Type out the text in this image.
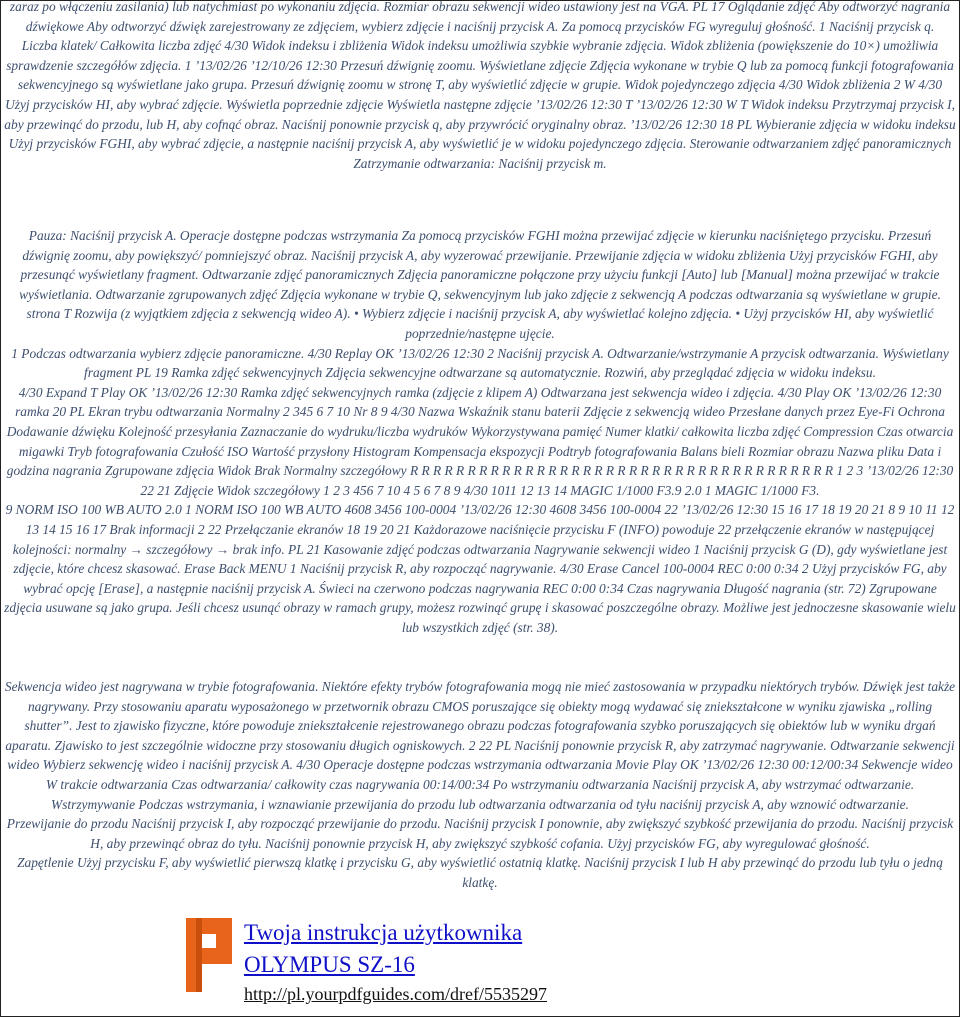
zaraz po włączeniu zasilania) lub natychmiast po wykonaniu zdjęcia. Rozmiar obrazu sekwencji wideo ustawiony jest na VGA. PL 17 Oglądanie zdjęć Aby odtworzyć nagrania dźwiękowe Aby odtworzyć dźwięk zarejestrowany ze zdjęciem, wybierz zdjęcie i naciśnij przycisk A. Za pomocą przycisków FG wyreguluj głośność. 1 Naciśnij przycisk q.

Liczba klatek/ Całkowita liczba zdjęć 4/30 Widok indeksu i zbliżenia Widok indeksu umożliwia szybkie wybranie zdjęcia. Widok zbliżenia (powiększenie do 10×) umożliwia sprawdzenie szczegółów zdjęcia. 1 ’13/02/26 ’12/10/26 12:30 Przesuń dźwignię zoomu. Wyświetlane zdjęcie Zdjęcia wykonane w trybie Q lub za pomocą funkcji fotografowania sekwencyjnego są wyświetlane jako grupa. Przesuń dźwignię zoomu w stronę T, aby wyświetlić zdjęcie w grupie. Widok pojedynczego zdjęcia 4/30 Widok zbliżenia 2 W 4/30 Użyj przycisków HI, aby wybrać zdjęcie. Wyświetla poprzednie zdjęcie Wyświetla następne zdjęcie ’13/02/26 12:30 T ’13/02/26 12:30 W T Widok indeksu Przytrzymaj przycisk I, aby przewinąć do przodu, lub H, aby cofnąć obraz. Naciśnij ponownie przycisk q, aby przywrócić oryginalny obraz. ’13/02/26 12:30 18 PL Wybieranie zdjęcia w widoku indeksu Użyj przycisków FGHI, aby wybrać zdjęcie, a następnie naciśnij przycisk A, aby wyświetlić je w widoku pojedynczego zdjęcia. Sterowanie odtwarzaniem zdjęć panoramicznych Zatrzymanie odtwarzania: Naciśnij przycisk m.

Pauza: Naciśnij przycisk A. Operacje dostępne podczas wstrzymania Za pomocą przycisków FGHI można przewijać zdjęcie w kierunku naciśniętego przycisku. Przesuń dźwignię zoomu, aby powiększyć/ pomniejszyć obraz. Naciśnij przycisk A, aby wyzerować przewijanie. Przewijanie zdjęcia w widoku zbliżenia Użyj przycisków FGHI, aby przesunąć wyświetlany fragment. Odtwarzanie zdjęć panoramicznych Zdjęcia panoramiczne połączone przy użyciu funkcji [Auto] lub [Manual] można przewijać w trakcie wyświetlania. Odtwarzanie zgrupowanych zdjęć Zdjęcia wykonane w trybie Q, sekwencyjnym lub jako zdjęcie z sekwencją A podczas odtwarzania są wyświetlane w grupie. strona T Rozwija (z wyjątkiem zdjęcia z sekwencją wideo A). • Wybierz zdjęcie i naciśnij przycisk A, aby wyświetlać kolejno zdjęcia. • Użyj przycisków HI, aby wyświetlić poprzednie/następne ujęcie.

1 Podczas odtwarzania wybierz zdjęcie panoramiczne. 4/30 Replay OK ’13/02/26 12:30 2 Naciśnij przycisk A. Odtwarzanie/wstrzymanie A przycisk odtwarzania. Wyświetlany fragment PL 19 Ramka zdjęć sekwencyjnych Zdjęcia sekwencyjne odtwarzane są automatycznie. Rozwiń, aby przeglądać zdjęcia w widoku indeksu.

4/30 Expand T Play OK ’13/02/26 12:30 Ramka zdjęć sekwencyjnych ramka (zdjęcie z klipem A) Odtwarzana jest sekwencja wideo i zdjęcia. 4/30 Play OK ’13/02/26 12:30 ramka 20 PL Ekran trybu odtwarzania Normalny 2 345 6 7 10 Nr 8 9 4/30 Nazwa Wskaźnik stanu baterii Zdjęcie z sekwencją wideo Przesłane danych przez Eye-Fi Ochrona Dodawanie dźwięku Kolejność przesyłania Zaznaczanie do wydruku/liczba wydruków Wykorzystywana pamięć Numer klatki/ całkowita liczba zdjęć Compression Czas otwarcia migawki Tryb fotografowania Czułość ISO Wartość przysłony Histogram Kompensacja ekspozycji Podtryb fotografowania Balans bieli Rozmiar obrazu Nazwa pliku Data i godzina nagrania Zgrupowane zdjęcia Widok Brak Normalny szczegółowy R R R R R R R R R R R R R R R R R R R R R R R R R R R R R R R R R R R R R 1 2 3 ’13/02/26 12:30 22 21 Zdjęcie Widok szczegółowy 1 2 3 456 7 10 4 5 6 7 8 9 4/30 1011 12 13 14 MAGIC 1/1000 F3.9 2.0 1 MAGIC 1/1000 F3.

9 NORM ISO 100 WB AUTO 2.0 1 NORM ISO 100 WB AUTO 4608 3456 100-0004 ’13/02/26 12:30 4608 3456 100-0004 22 ’13/02/26 12:30 15 16 17 18 19 20 21 8 9 10 11 12 13 14 15 16 17 Brak informacji 2 22 Przełączanie ekranów 18 19 20 21 Każdorazowe naciśnięcie przycisku F (INFO) powoduje 22 przełączenie ekranów w następującej kolejności: normalny → szczegółowy → brak info. PL 21 Kasowanie zdjęć podczas odtwarzania Nagrywanie sekwencji wideo 1 Naciśnij przycisk G (D), gdy wyświetlane jest zdjęcie, które chcesz skasować. Erase Back MENU 1 Naciśnij przycisk R, aby rozpocząć nagrywanie. 4/30 Erase Cancel 100-0004 REC 0:00 0:34 2 Użyj przycisków FG, aby wybrać opcję [Erase], a następnie naciśnij przycisk A. Świeci na czerwono podczas nagrywania REC 0:00 0:34 Czas nagrywania Długość nagrania (str. 72) Zgrupowane zdjęcia usuwane są jako grupa. Jeśli chcesz usunąć obrazy w ramach grupy, możesz rozwinąć grupę i skasować poszczególne obrazy. Możliwe jest jednoczesne skasowanie wielu lub wszystkich zdjęć (str. 38).

Sekwencja wideo jest nagrywana w trybie fotografowania. Niektóre efekty trybów fotografowania mogą nie mieć zastosowania w przypadku niektórych trybów. Dźwięk jest także nagrywany. Przy stosowaniu aparatu wyposażonego w przetwornik obrazu CMOS poruszające się obiekty mogą wydawać się zniekształcone w wyniku zjawiska „rolling shutter”. Jest to zjawisko fizyczne, które powoduje zniekształcenie rejestrowanego obrazu podczas fotografowania szybko poruszających się obiektów lub w wyniku drgań aparatu. Zjawisko to jest szczególnie widoczne przy stosowaniu długich ogniskowych. 2 22 PL Naciśnij ponownie przycisk R, aby zatrzymać nagrywanie. Odtwarzanie sekwencji wideo Wybierz sekwencję wideo i naciśnij przycisk A. 4/30 Operacje dostępne podczas wstrzymania odtwarzania Movie Play OK ’13/02/26 12:30 00:12/00:34 Sekwencje wideo W trakcie odtwarzania Czas odtwarzania/ całkowity czas nagrywania 00:14/00:34 Po wstrzymaniu odtwarzania Naciśnij przycisk A, aby wstrzymać odtwarzanie. Wstrzymywanie Podczas wstrzymania, i wznawianie przewijania do przodu lub odtwarzania odtwarzania od tyłu naciśnij przycisk A, aby wznowić odtwarzanie.

Przewijanie do przodu Naciśnij przycisk I, aby rozpocząć przewijanie do przodu. Naciśnij przycisk I ponownie, aby zwiększyć szybkość przewijania do przodu. Naciśnij przycisk H, aby przewinąć obraz do tyłu. Naciśnij ponownie przycisk H, aby zwiększyć szybkość cofania. Użyj przycisków FG, aby wyregulować głośność.

Zapętlenie Użyj przycisku F, aby wyświetlić pierwszą klatkę i przycisku G, aby wyświetlić ostatnią klatkę. Naciśnij przycisk I lub H aby przewinąć do przodu lub tyłu o jedną klatkę.

Twoja instrukcja użytkownika
OLYMPUS SZ-16
http://pl.yourpdfguides.com/dref/5535297
